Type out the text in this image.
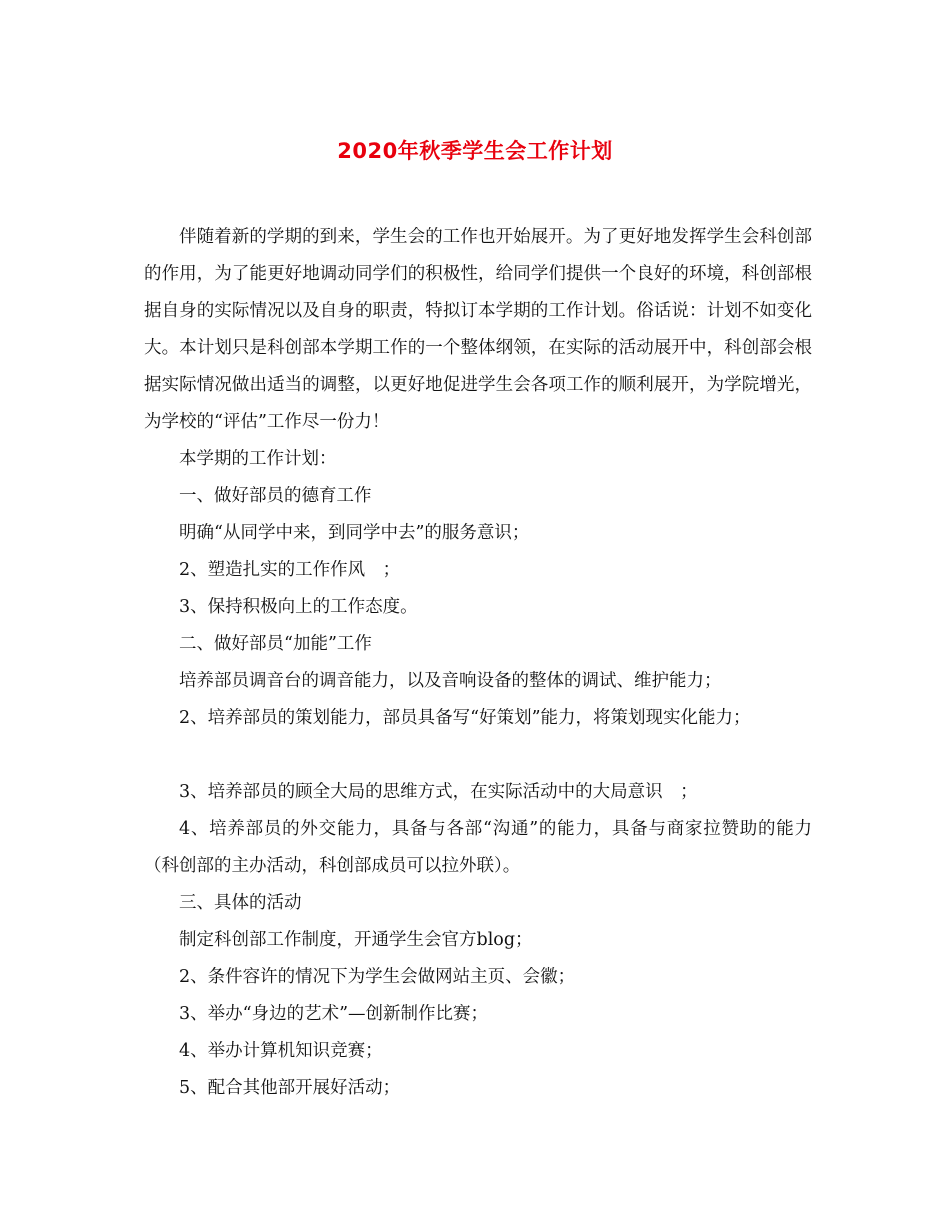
2020年秋季学生会工作计划

伴随着新的学期的到来，学生会的工作也开始展开。为了更好地发挥学生会科创部的作用，为了能更好地调动同学们的积极性，给同学们提供一个良好的环境，科创部根据自身的实际情况以及自身的职责，特拟订本学期的工作计划。俗话说：计划不如变化大。本计划只是科创部本学期工作的一个整体纲领，在实际的活动展开中，科创部会根据实际情况做出适当的调整，以更好地促进学生会各项工作的顺利展开，为学院增光，为学校的“评估”工作尽一份力！

本学期的工作计划：

一、做好部员的德育工作

明确“从同学中来，到同学中去”的服务意识；

2、塑造扎实的工作作风　；

3、保持积极向上的工作态度。

二、做好部员“加能”工作

培养部员调音台的调音能力，以及音响设备的整体的调试、维护能力；

2、培养部员的策划能力，部员具备写“好策划”能力，将策划现实化能力；

3、培养部员的顾全大局的思维方式，在实际活动中的大局意识　；

4、培养部员的外交能力，具备与各部“沟通”的能力，具备与商家拉赞助的能力（科创部的主办活动，科创部成员可以拉外联）。

三、具体的活动

制定科创部工作制度，开通学生会官方blog；

2、条件容许的情况下为学生会做网站主页、会徽；

3、举办“身边的艺术”—创新制作比赛；

4、举办计算机知识竞赛；

5、配合其他部开展好活动；
